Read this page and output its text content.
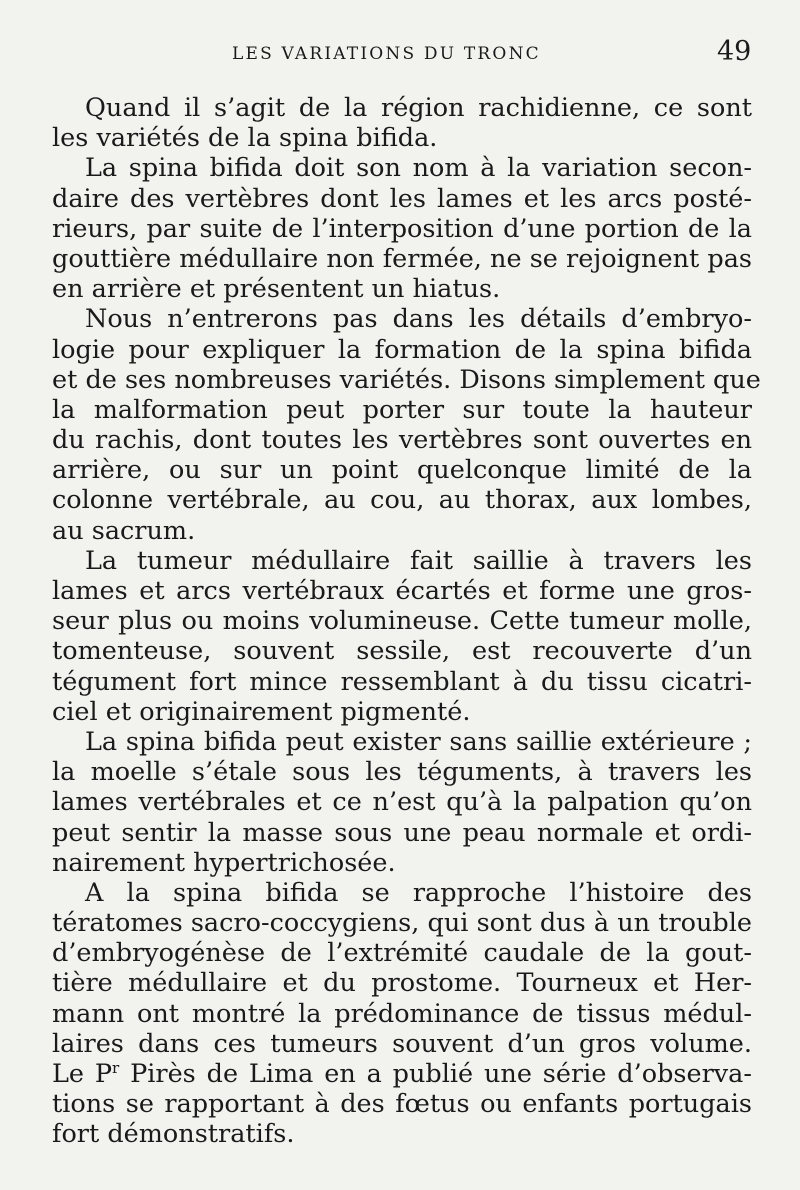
LES VARIATIONS DU TRONC	49
Quand il s’agit de la région rachidienne, ce sont
les variétés de la spina bifida.
La spina bifida doit son nom à la variation secon-
daire des vertèbres dont les lames et les arcs posté-
rieurs, par suite de l’interposition d’une portion de la
gouttière médullaire non fermée, ne se rejoignent pas
en arrière et présentent un hiatus.
Nous n’entrerons pas dans les détails d’embryo-
logie pour expliquer la formation de la spina bifida
et de ses nombreuses variétés. Disons simplement que
la malformation peut porter sur toute la hauteur
du rachis, dont toutes les vertèbres sont ouvertes en
arrière, ou sur un point quelconque limité de la
colonne vertébrale, au cou, au thorax, aux lombes,
au sacrum.
La tumeur médullaire fait saillie à travers les
lames et arcs vertébraux écartés et forme une gros-
seur plus ou moins volumineuse. Cette tumeur molle,
tomenteuse, souvent sessile, est recouverte d’un
tégument fort mince ressemblant à du tissu cicatri-
ciel et originairement pigmenté.
La spina bifida peut exister sans saillie extérieure ;
la moelle s’étale sous les téguments, à travers les
lames vertébrales et ce n’est qu’à la palpation qu’on
peut sentir la masse sous une peau normale et ordi-
nairement hypertrichosée.
A la spina bifida se rapproche l’histoire des
tératomes sacro-coccygiens, qui sont dus à un trouble
d’embryogénèse de l’extrémité caudale de la gout-
tière médullaire et du prostome. Tourneux et Her-
mann ont montré la prédominance de tissus médul-
laires dans ces tumeurs souvent d’un gros volume.
Le $P^r$ Pirès de Lima en a publié une série d’observa-
tions se rapportant à des fœtus ou enfants portugais
fort démonstratifs.
